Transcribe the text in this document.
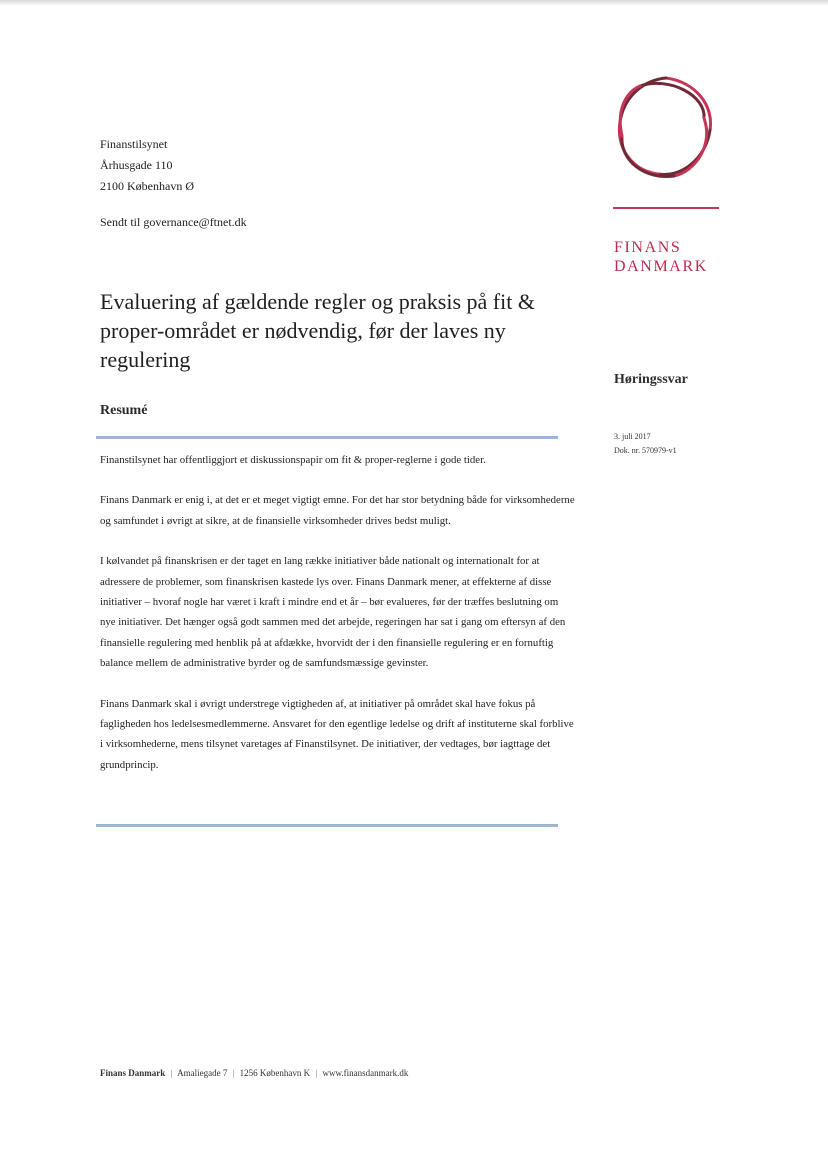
Finanstilsynet
Århusgade 110
2100 København Ø
Sendt til governance@ftnet.dk
FINANS
DANMARK
Evaluering af gældende regler og praksis på fit & proper-området er nødvendig, før der laves ny regulering
Høringssvar
3. juli 2017
Dok. nr. 570979-v1
Resumé

Finanstilsynet har offentliggjort et diskussionspapir om fit & proper-reglerne i gode tider.

Finans Danmark er enig i, at det er et meget vigtigt emne. For det har stor betydning både for virksomhederne og samfundet i øvrigt at sikre, at de finansielle virksomheder drives bedst muligt.

I kølvandet på finanskrisen er der taget en lang række initiativer både nationalt og internationalt for at adressere de problemer, som finanskrisen kastede lys over. Finans Danmark mener, at effekterne af disse initiativer – hvoraf nogle har været i kraft i mindre end et år – bør evalueres, før der træffes beslutning om nye initiativer. Det hænger også godt sammen med det arbejde, regeringen har sat i gang om eftersyn af den finansielle regulering med henblik på at afdække, hvorvidt der i den finansielle regulering er en fornuftig balance mellem de administrative byrder og de samfundsmæssige gevinster.

Finans Danmark skal i øvrigt understrege vigtigheden af, at initiativer på området skal have fokus på fagligheden hos ledelsesmedlemmerne. Ansvaret for den egentlige ledelse og drift af instituterne skal forblive i virksomhederne, mens tilsynet varetages af Finanstilsynet. De initiativer, der vedtages, bør iagttage det grundprincip.

Finans Danmark | Amaliegade 7 | 1256 København K | www.finansdanmark.dk
